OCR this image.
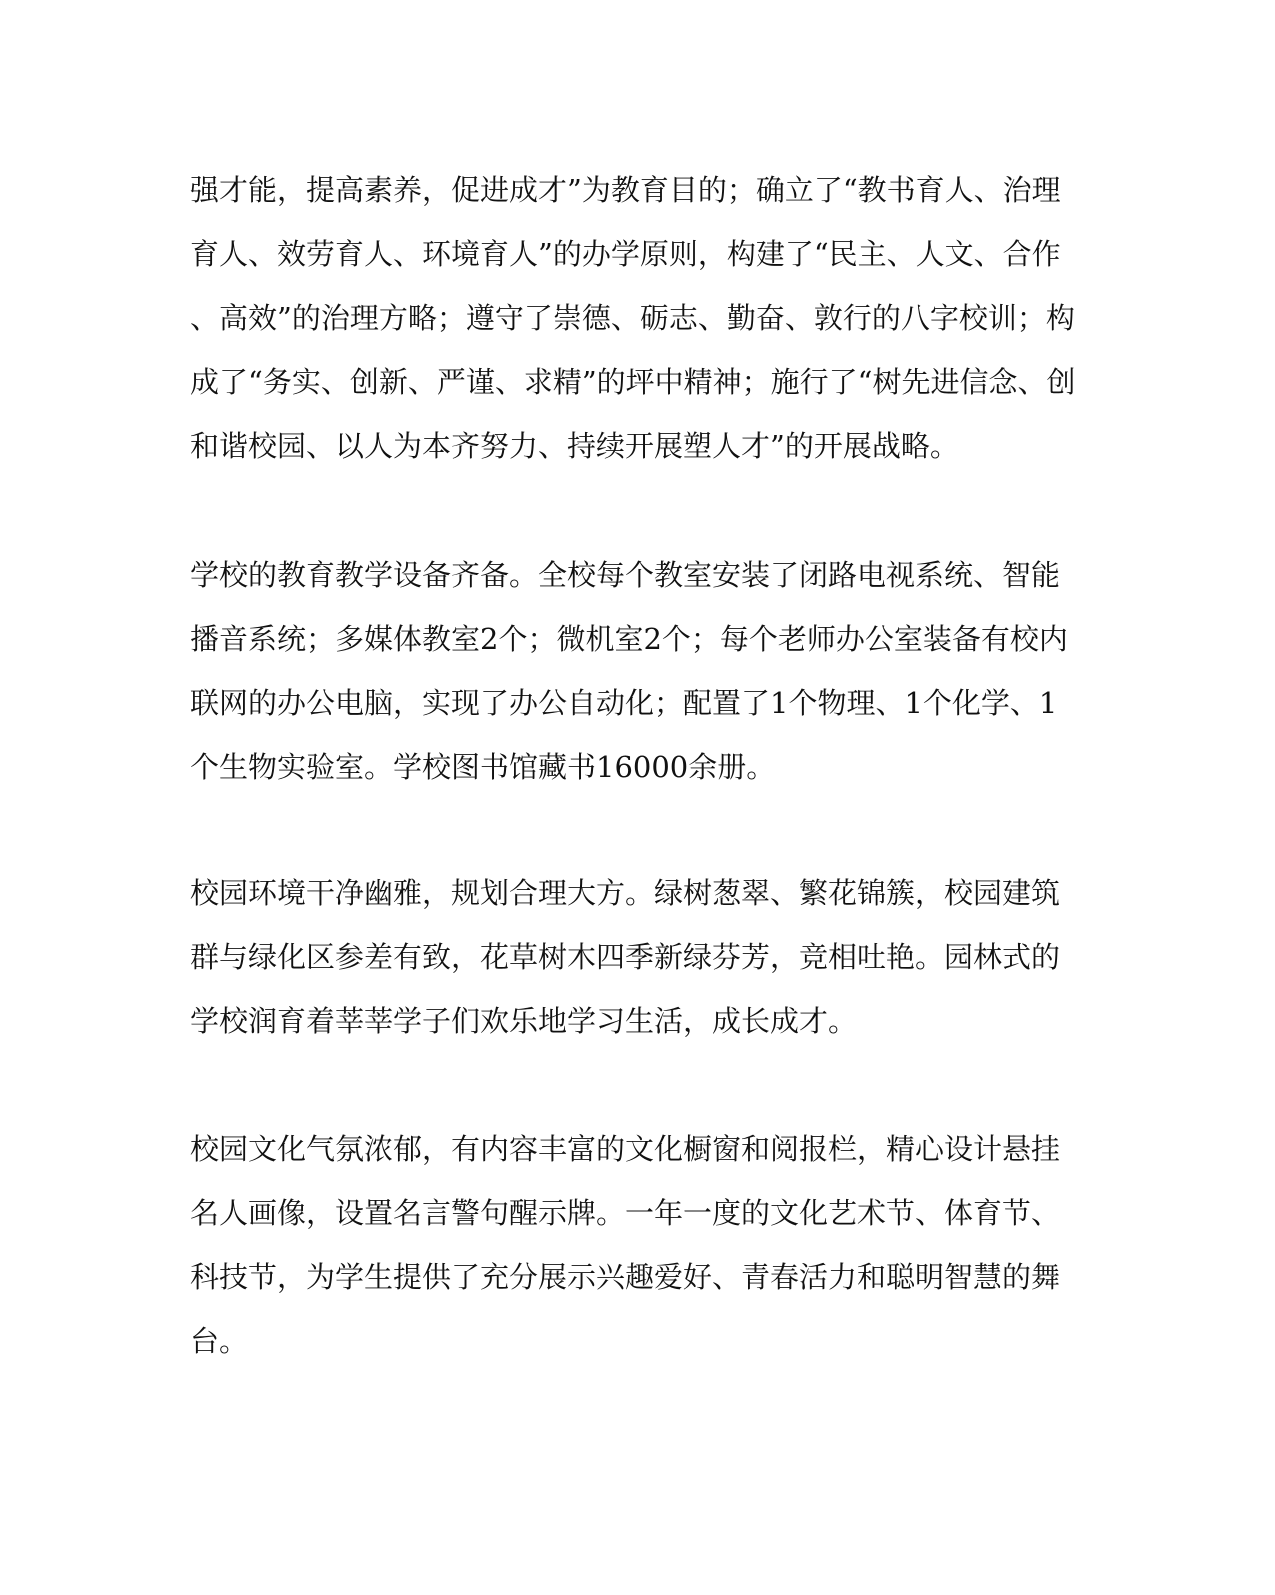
强才能，提高素养，促进成才”为教育目的；确立了“教书育人、治理
育人、效劳育人、环境育人”的办学原则，构建了“民主、人文、合作
、高效”的治理方略；遵守了崇德、砺志、勤奋、敦行的八字校训；构
成了“务实、创新、严谨、求精”的坪中精神；施行了“树先进信念、创
和谐校园、以人为本齐努力、持续开展塑人才”的开展战略。
学校的教育教学设备齐备。全校每个教室安装了闭路电视系统、智能
播音系统；多媒体教室2个；微机室2个；每个老师办公室装备有校内
联网的办公电脑，实现了办公自动化；配置了1个物理、1个化学、1
个生物实验室。学校图书馆藏书16000余册。
校园环境干净幽雅，规划合理大方。绿树葱翠、繁花锦簇，校园建筑
群与绿化区参差有致，花草树木四季新绿芬芳，竞相吐艳。园林式的
学校润育着莘莘学子们欢乐地学习生活，成长成才。
校园文化气氛浓郁，有内容丰富的文化橱窗和阅报栏，精心设计悬挂
名人画像，设置名言警句醒示牌。一年一度的文化艺术节、体育节、
科技节，为学生提供了充分展示兴趣爱好、青春活力和聪明智慧的舞
台。
